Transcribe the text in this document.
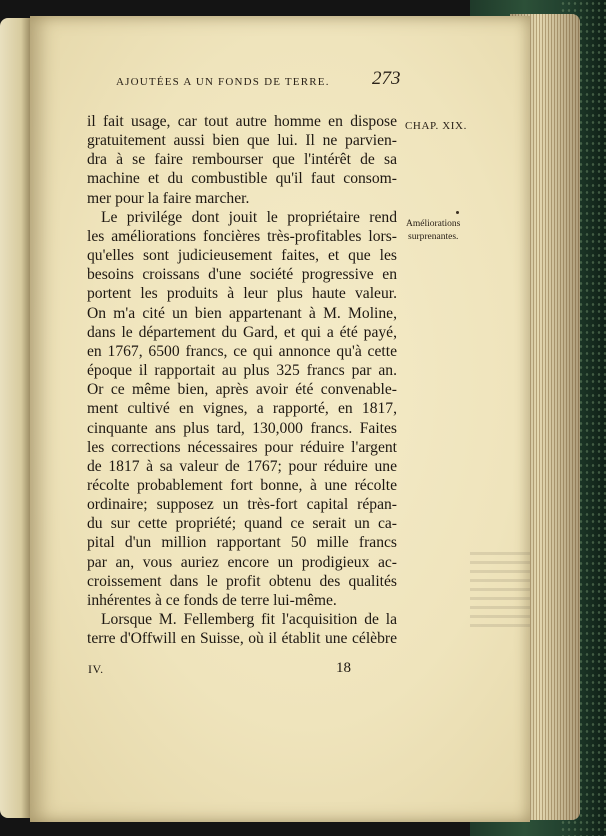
AJOUTÉES A UN FONDS DE TERRE.	273
CHAP. XIX.
Améliorations
surprenantes.
il fait usage, car tout autre homme en dispose
gratuitement aussi bien que lui. Il ne parvien-
dra à se faire rembourser que l'intérêt de sa
machine et du combustible qu'il faut consom-
mer pour la faire marcher.
Le privilége dont jouit le propriétaire rend
les améliorations foncières très-profitables lors-
qu'elles sont judicieusement faites, et que les
besoins croissans d'une société progressive en
portent les produits à leur plus haute valeur.
On m'a cité un bien appartenant à M. Moline,
dans le département du Gard, et qui a été payé,
en 1767, 6500 francs, ce qui annonce qu'à cette
époque il rapportait au plus 325 francs par an.
Or ce même bien, après avoir été convenable-
ment cultivé en vignes, a rapporté, en 1817,
cinquante ans plus tard, 130,000 francs. Faites
les corrections nécessaires pour réduire l'argent
de 1817 à sa valeur de 1767; pour réduire une
récolte probablement fort bonne, à une récolte
ordinaire; supposez un très-fort capital répan-
du sur cette propriété; quand ce serait un ca-
pital d'un million rapportant 50 mille francs
par an, vous auriez encore un prodigieux ac-
croissement dans le profit obtenu des qualités
inhérentes à ce fonds de terre lui-même.
Lorsque M. Fellemberg fit l'acquisition de la
terre d'Offwill en Suisse, où il établit une célèbre
IV.	18
